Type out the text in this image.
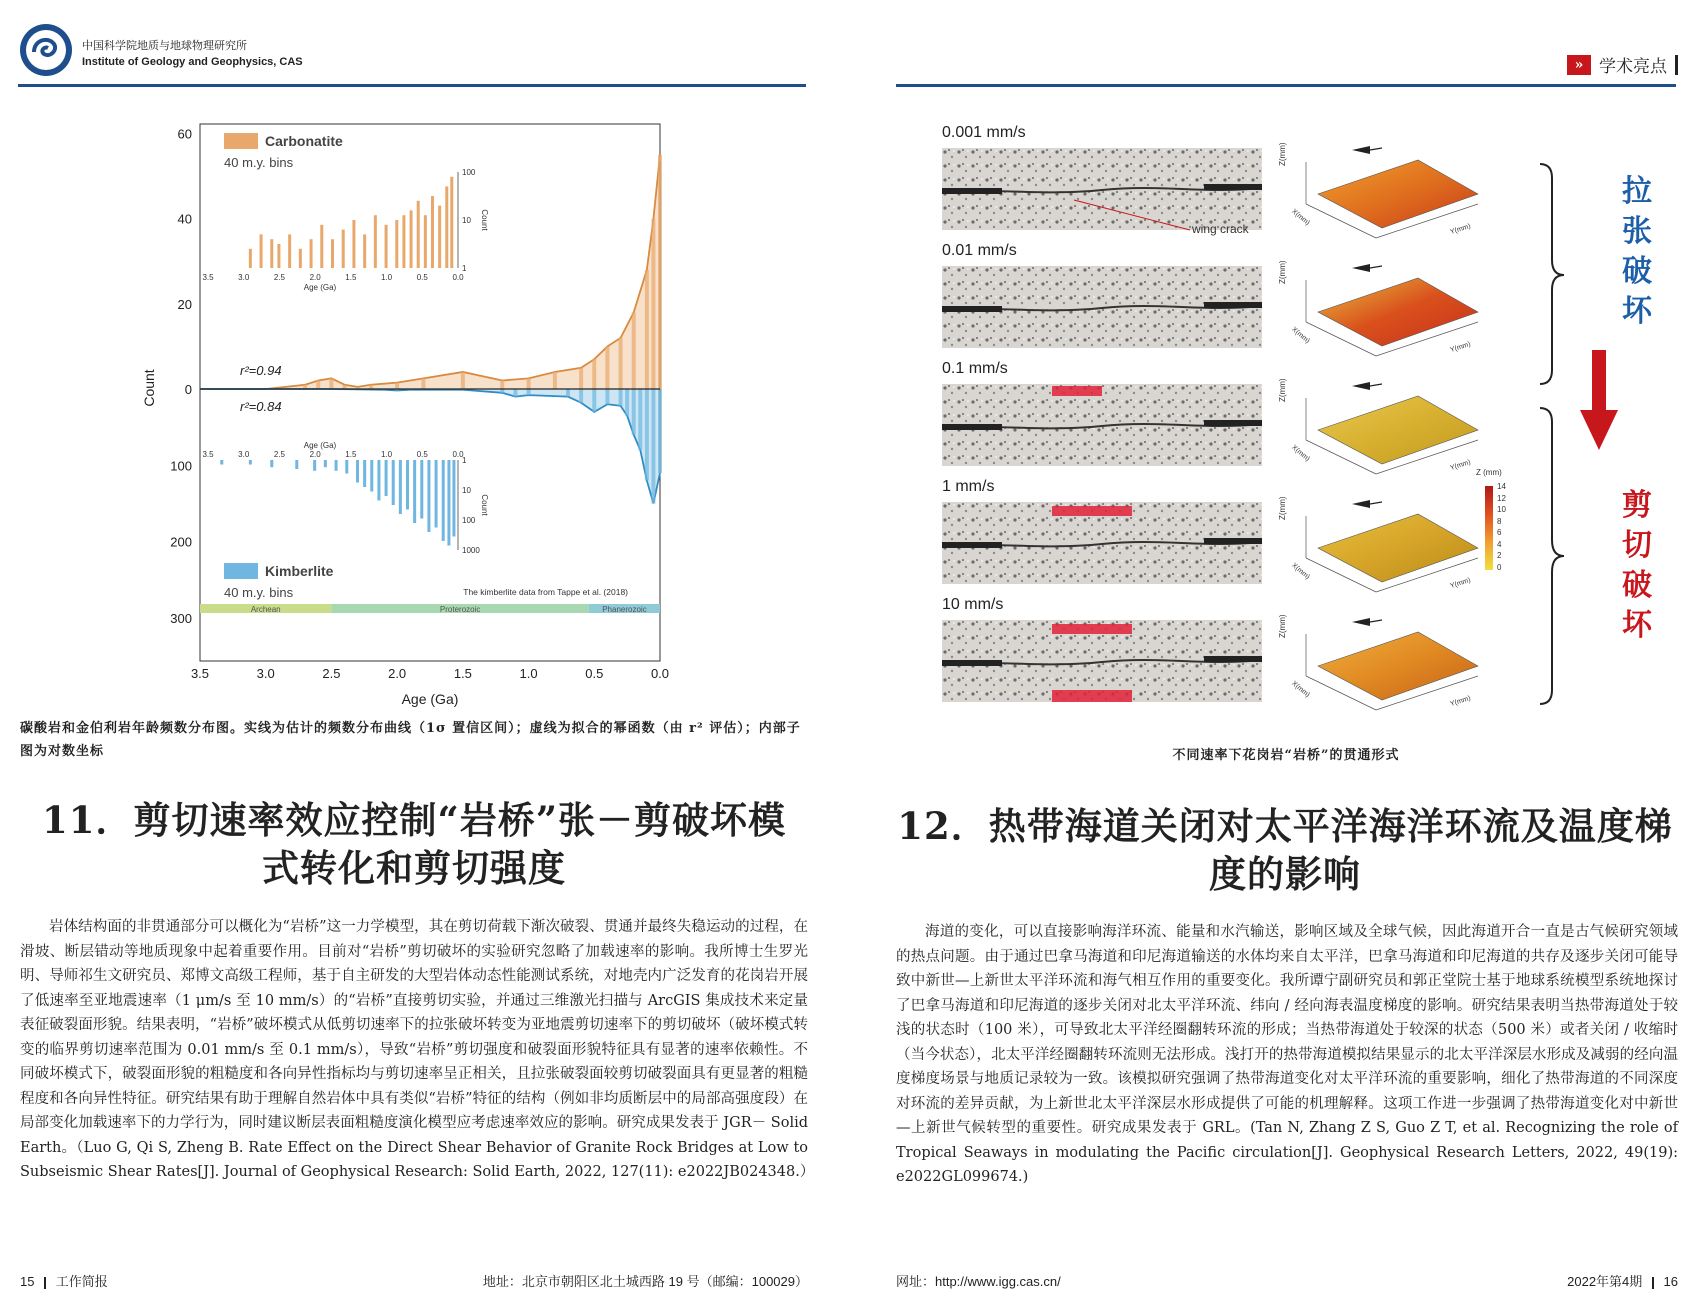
中国科学院地质与地球物理研究所
Institute of Geology and Geophysics, CAS
Carbonatite
40 m.y. bins
r²=0.94
r²=0.84
Kimberlite
40 m.y. bins	The kimberlite data from Tappe et al. (2018)
3.5	3.0	2.5	2.0	1.5	1.0	0.5	0.0
Age (Ga)
100
10
1
Count
3.5	3.0	2.5	2.0	1.5	1.0	0.5	0.0
Age (Ga)
1
10
100
1000
Count
Archean	Proterozoic	Phanerozoic
3.5	3.0	2.5	2.0	1.5	1.0	0.5	0.0
60
40
20
0
100
200
300
Count
Age (Ga)
碳酸岩和金伯利岩年龄频数分布图。实线为估计的频数分布曲线（1σ 置信区间）；虚线为拟合的幂函数（由 r² 评估）；内部子图为对数坐标
11．剪切速率效应控制“岩桥”张－剪破坏模
式转化和剪切强度
岩体结构面的非贯通部分可以概化为“岩桥”这一力学模型，其在剪切荷载下渐次破裂、贯通并最终失稳运动的过程，在滑坡、断层错动等地质现象中起着重要作用。目前对“岩桥”剪切破坏的实验研究忽略了加载速率的影响。我所博士生罗光明、导师祁生文研究员、郑博文高级工程师，基于自主研发的大型岩体动态性能测试系统，对地壳内广泛发育的花岗岩开展了低速率至亚地震速率（1 μm/s 至 10 mm/s）的“岩桥”直接剪切实验，并通过三维激光扫描与 ArcGIS 集成技术来定量表征破裂面形貌。结果表明，“岩桥”破坏模式从低剪切速率下的拉张破坏转变为亚地震剪切速率下的剪切破坏（破坏模式转变的临界剪切速率范围为 0.01 mm/s 至 0.1 mm/s），导致“岩桥”剪切强度和破裂面形貌特征具有显著的速率依赖性。不同破坏模式下，破裂面形貌的粗糙度和各向异性指标均与剪切速率呈正相关，且拉张破裂面较剪切破裂面具有更显著的粗糙程度和各向异性特征。研究结果有助于理解自然岩体中具有类似“岩桥”特征的结构（例如非均质断层中的局部高强度段）在局部变化加载速率下的力学行为，同时建议断层表面粗糙度演化模型应考虑速率效应的影响。研究成果发表于 JGR－ Solid Earth。（Luo G, Qi S, Zheng B. Rate Effect on the Direct Shear Behavior of Granite Rock Bridges at Low to Subseismic Shear Rates[J]. Journal of Geophysical Research: Solid Earth, 2022, 127(11): e2022JB024348.）
15 工作简报	地址：北京市朝阳区北土城西路 19 号（邮编：100029）
» 学术亮点
0.001 mm/s
Z(mm)
X(mm)
Y(mm)
0.01 mm/s
Z(mm)
X(mm)
Y(mm)
0.1 mm/s
Z(mm)
X(mm)
Y(mm)
1 mm/s
Z(mm)
X(mm)
Y(mm)
10 mm/s
Z(mm)
X(mm)
Y(mm)
wing crack
Z (mm)
14
12
10
8
6
4
2
0
拉张破坏
剪切破坏
不同速率下花岗岩“岩桥”的贯通形式
12．热带海道关闭对太平洋海洋环流及温度梯
度的影响
海道的变化，可以直接影响海洋环流、能量和水汽输送，影响区域及全球气候，因此海道开合一直是古气候研究领域的热点问题。由于通过巴拿马海道和印尼海道输送的水体均来自太平洋，巴拿马海道和印尼海道的共存及逐步关闭可能导致中新世—上新世太平洋环流和海气相互作用的重要变化。我所谭宁副研究员和郭正堂院士基于地球系统模型系统地探讨了巴拿马海道和印尼海道的逐步关闭对北太平洋环流、纬向 / 经向海表温度梯度的影响。研究结果表明当热带海道处于较浅的状态时（100 米），可导致北太平洋经圈翻转环流的形成；当热带海道处于较深的状态（500 米）或者关闭 / 收缩时（当今状态），北太平洋经圈翻转环流则无法形成。浅打开的热带海道模拟结果显示的北太平洋深层水形成及减弱的经向温度梯度场景与地质记录较为一致。该模拟研究强调了热带海道变化对太平洋环流的重要影响，细化了热带海道的不同深度对环流的差异贡献，为上新世北太平洋深层水形成提供了可能的机理解释。这项工作进一步强调了热带海道变化对中新世—上新世气候转型的重要性。研究成果发表于 GRL。(Tan N, Zhang Z S, Guo Z T, et al. Recognizing the role of Tropical Seaways in modulating the Pacific circulation[J]. Geophysical Research Letters, 2022, 49(19): e2022GL099674.)
网址：http://www.igg.cas.cn/	2022年第4期 16
